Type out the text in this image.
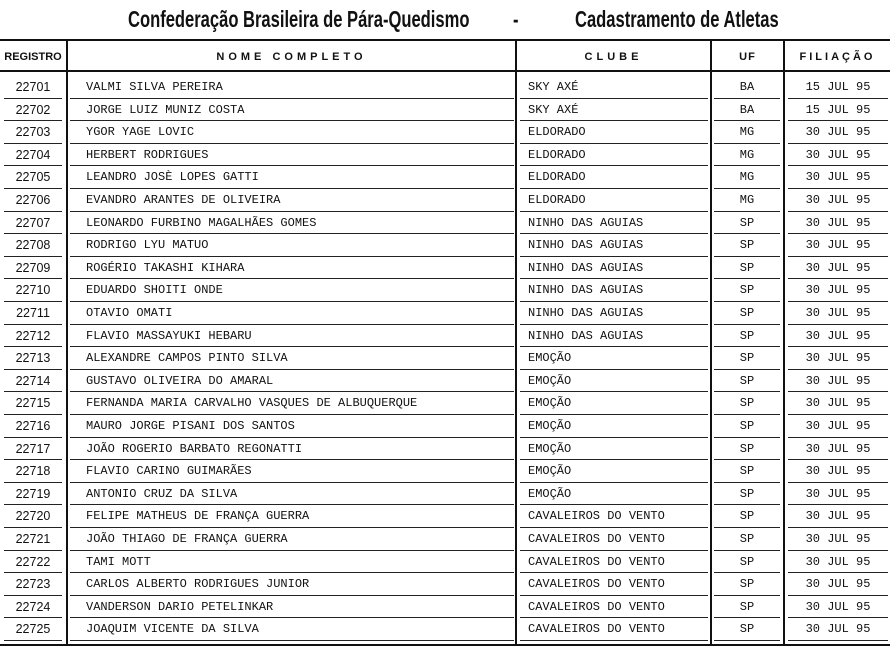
Confederação Brasileira de Pára-Quedismo - Cadastramento de Atletas
REGISTRO	NOME COMPLETO	CLUBE	UF	FILIAÇÃO
22701	VALMI SILVA PEREIRA	SKY AXÉ	BA	15 JUL 95
22702	JORGE LUIZ MUNIZ COSTA	SKY AXÉ	BA	15 JUL 95
22703	YGOR YAGE LOVIC	ELDORADO	MG	30 JUL 95
22704	HERBERT RODRIGUES	ELDORADO	MG	30 JUL 95
22705	LEANDRO JOSÈ LOPES GATTI	ELDORADO	MG	30 JUL 95
22706	EVANDRO ARANTES DE OLIVEIRA	ELDORADO	MG	30 JUL 95
22707	LEONARDO FURBINO MAGALHÃES GOMES	NINHO DAS AGUIAS	SP	30 JUL 95
22708	RODRIGO LYU MATUO	NINHO DAS AGUIAS	SP	30 JUL 95
22709	ROGÉRIO TAKASHI KIHARA	NINHO DAS AGUIAS	SP	30 JUL 95
22710	EDUARDO SHOITI ONDE	NINHO DAS AGUIAS	SP	30 JUL 95
22711	OTAVIO OMATI	NINHO DAS AGUIAS	SP	30 JUL 95
22712	FLAVIO MASSAYUKI HEBARU	NINHO DAS AGUIAS	SP	30 JUL 95
22713	ALEXANDRE CAMPOS PINTO SILVA	EMOÇÃO	SP	30 JUL 95
22714	GUSTAVO OLIVEIRA DO AMARAL	EMOÇÃO	SP	30 JUL 95
22715	FERNANDA MARIA CARVALHO VASQUES DE ALBUQUERQUE	EMOÇÃO	SP	30 JUL 95
22716	MAURO JORGE PISANI DOS SANTOS	EMOÇÃO	SP	30 JUL 95
22717	JOÃO ROGERIO BARBATO REGONATTI	EMOÇÃO	SP	30 JUL 95
22718	FLAVIO CARINO GUIMARÃES	EMOÇÃO	SP	30 JUL 95
22719	ANTONIO CRUZ DA SILVA	EMOÇÃO	SP	30 JUL 95
22720	FELIPE MATHEUS DE FRANÇA GUERRA	CAVALEIROS DO VENTO	SP	30 JUL 95
22721	JOÃO THIAGO DE FRANÇA GUERRA	CAVALEIROS DO VENTO	SP	30 JUL 95
22722	TAMI MOTT	CAVALEIROS DO VENTO	SP	30 JUL 95
22723	CARLOS ALBERTO RODRIGUES JUNIOR	CAVALEIROS DO VENTO	SP	30 JUL 95
22724	VANDERSON DARIO PETELINKAR	CAVALEIROS DO VENTO	SP	30 JUL 95
22725	JOAQUIM VICENTE DA SILVA	CAVALEIROS DO VENTO	SP	30 JUL 95
